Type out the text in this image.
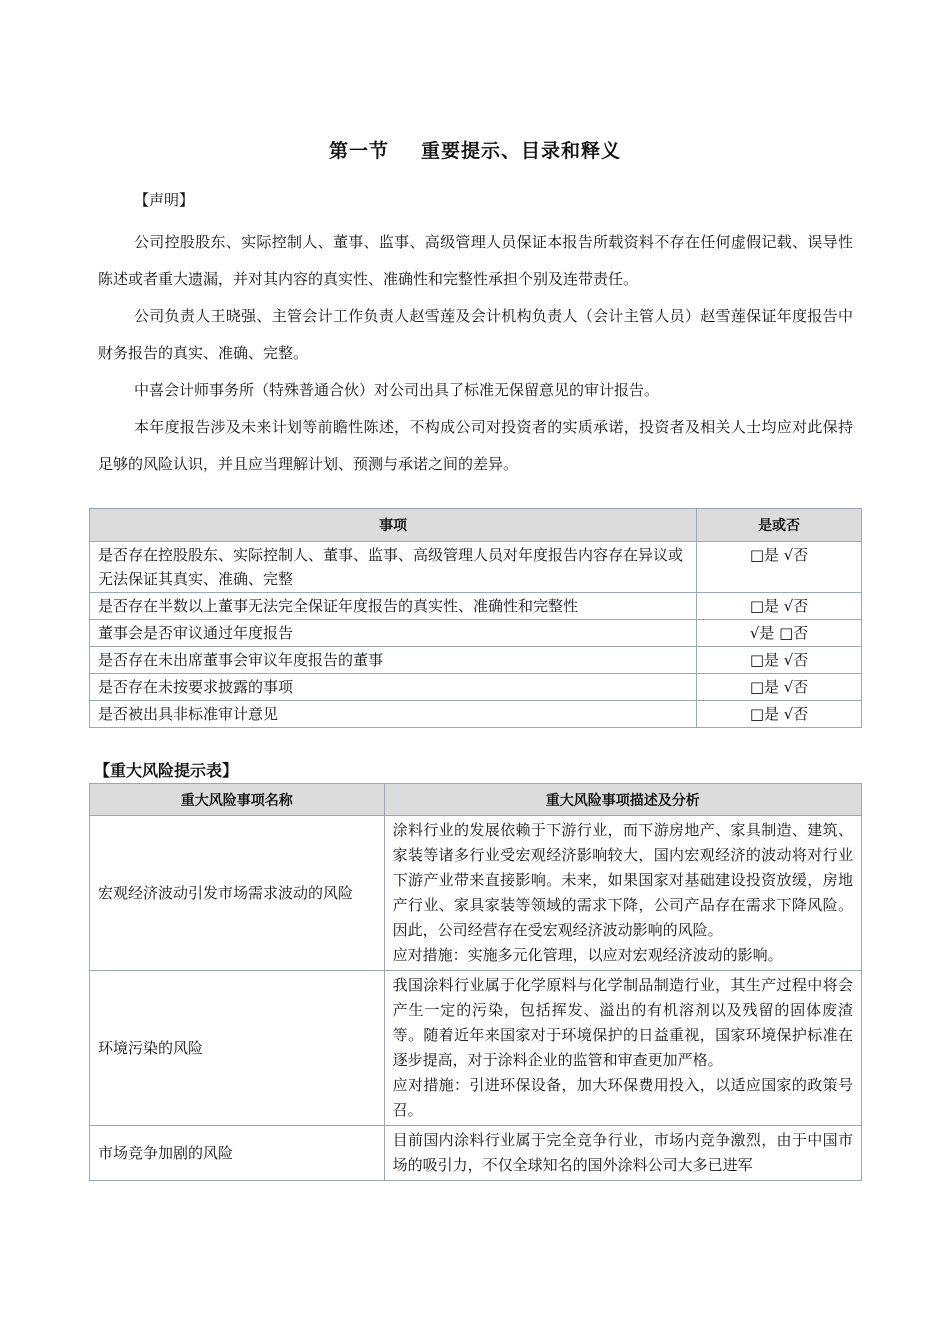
第一节 重要提示、目录和释义
【声明】

公司控股股东、实际控制人、董事、监事、高级管理人员保证本报告所载资料不存在任何虚假记载、误导性陈述或者重大遗漏，并对其内容的真实性、准确性和完整性承担个别及连带责任。

公司负责人王晓强、主管会计工作负责人赵雪莲及会计机构负责人（会计主管人员）赵雪莲保证年度报告中财务报告的真实、准确、完整。

中喜会计师事务所（特殊普通合伙）对公司出具了标准无保留意见的审计报告。

本年度报告涉及未来计划等前瞻性陈述，不构成公司对投资者的实质承诺，投资者及相关人士均应对此保持足够的风险认识，并且应当理解计划、预测与承诺之间的差异。

事项	是或否
是否存在控股股东、实际控制人、董事、监事、高级管理人员对年度报告内容存在异议或无法保证其真实、准确、完整	□是 √否
是否存在半数以上董事无法完全保证年度报告的真实性、准确性和完整性	□是 √否
董事会是否审议通过年度报告	√是 □否
是否存在未出席董事会审议年度报告的董事	□是 √否
是否存在未按要求披露的事项	□是 √否
是否被出具非标准审计意见	□是 √否
【重大风险提示表】
重大风险事项名称	重大风险事项描述及分析
宏观经济波动引发市场需求波动的风险	涂料行业的发展依赖于下游行业，而下游房地产、家具制造、建筑、家装等诸多行业受宏观经济影响较大，国内宏观经济的波动将对行业下游产业带来直接影响。未来，如果国家对基础建设投资放缓，房地产行业、家具家装等领域的需求下降，公司产品存在需求下降风险。因此，公司经营存在受宏观经济波动影响的风险。
应对措施：实施多元化管理，以应对宏观经济波动的影响。

环境污染的风险	我国涂料行业属于化学原料与化学制品制造行业，其生产过程中将会产生一定的污染，包括挥发、溢出的有机溶剂以及残留的固体废渣等。随着近年来国家对于环境保护的日益重视，国家环境保护标准在逐步提高，对于涂料企业的监管和审查更加严格。
应对措施：引进环保设备，加大环保费用投入，以适应国家的政策号召。

市场竞争加剧的风险	目前国内涂料行业属于完全竞争行业，市场内竞争激烈，由于中国市场的吸引力，不仅全球知名的国外涂料公司大多已进军
